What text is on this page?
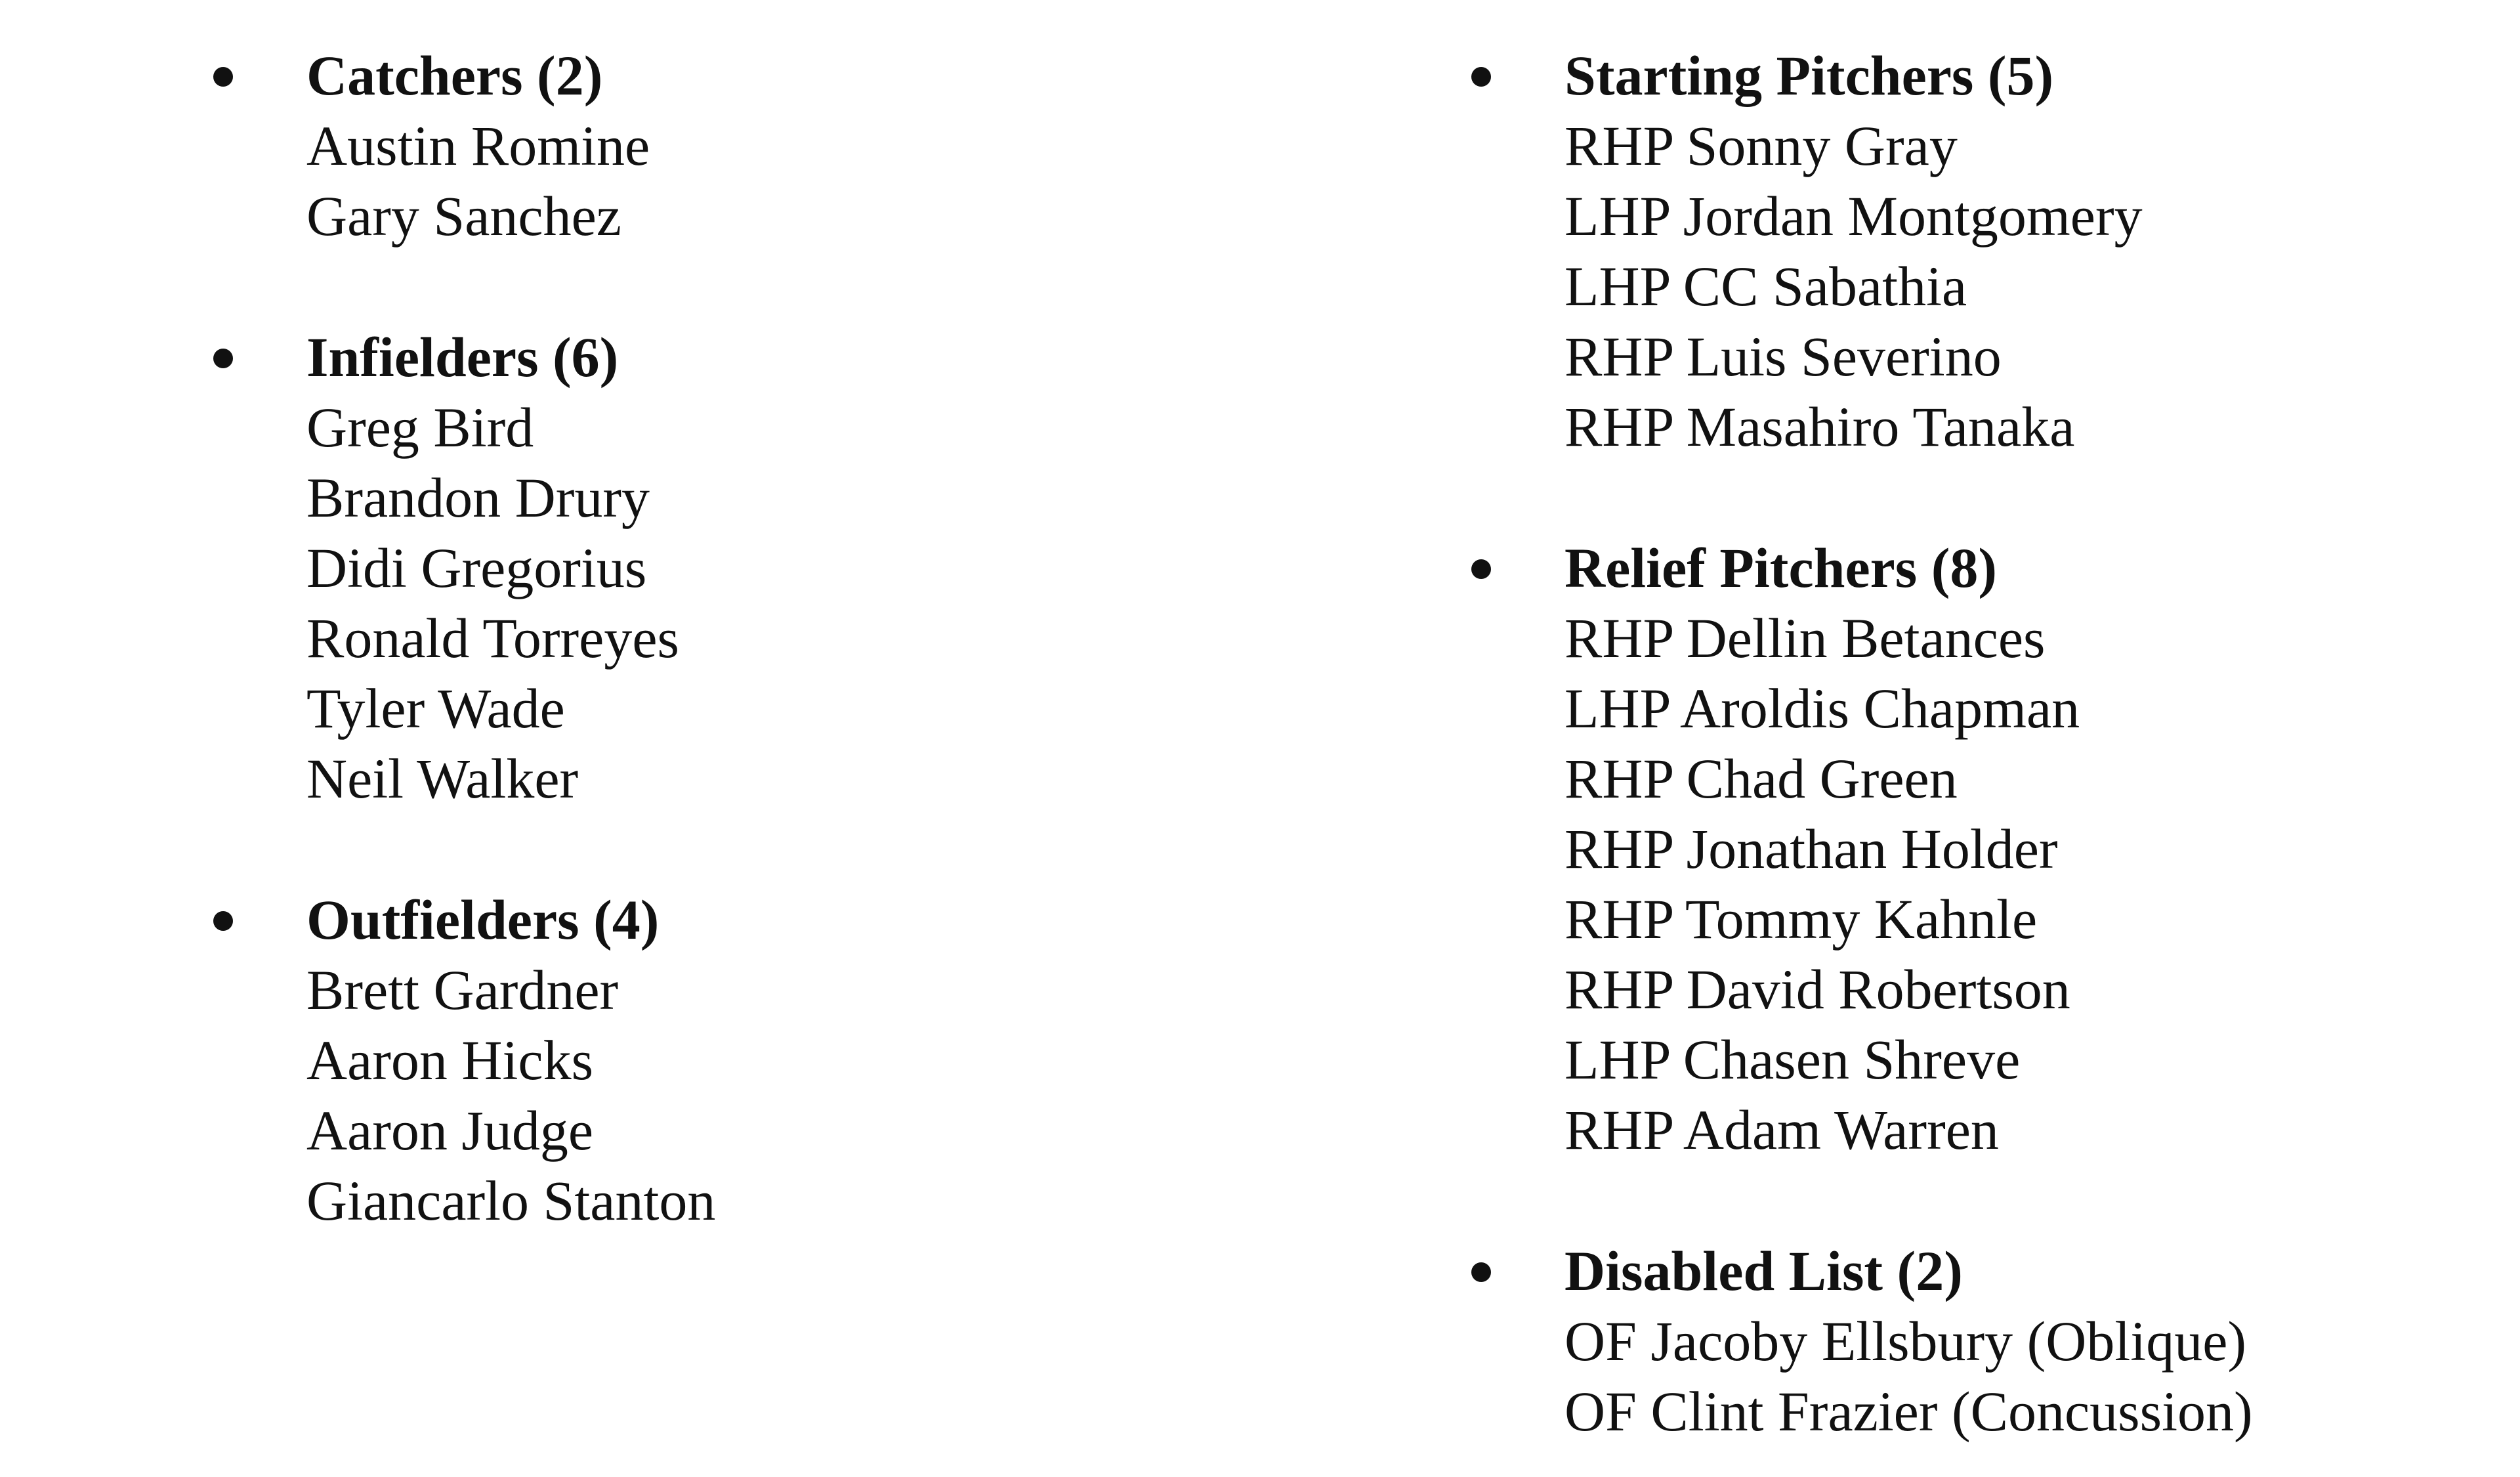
Catchers (2)
Austin Romine
Gary Sanchez
Infielders (6)
Greg Bird
Brandon Drury
Didi Gregorius
Ronald Torreyes
Tyler Wade
Neil Walker
Outfielders (4)
Brett Gardner
Aaron Hicks
Aaron Judge
Giancarlo Stanton
Starting Pitchers (5)
RHP Sonny Gray
LHP Jordan Montgomery
LHP CC Sabathia
RHP Luis Severino
RHP Masahiro Tanaka
Relief Pitchers (8)
RHP Dellin Betances
LHP Aroldis Chapman
RHP Chad Green
RHP Jonathan Holder
RHP Tommy Kahnle
RHP David Robertson
LHP Chasen Shreve
RHP Adam Warren
Disabled List (2)
OF Jacoby Ellsbury (Oblique)
OF Clint Frazier (Concussion)
